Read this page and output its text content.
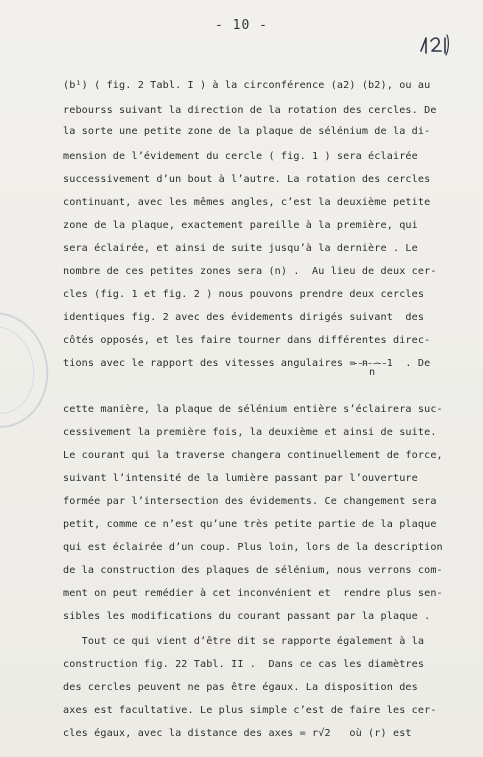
- 10 -
(b¹) ( fig. 2 Tabl. I ) à la circonférence (a2) (b2), ou au
rebourss suivant la direction de la rotation des cercles. De
la sorte une petite zone de la plaque de sélénium de la di-
mension de l’évidement du cercle ( fig. 1 ) sera éclairée
successivement d’un bout à l’autre. La rotation des cercles
continuant, avec les mêmes angles, c’est la deuxième petite
zone de la plaque, exactement pareille à la première, qui
sera éclairée, et ainsi de suite jusqu’à la dernière . Le
nombre de ces petites zones sera (n) .  Au lieu de deux cer-
cles (fig. 1 et fig. 2 ) nous pouvons prendre deux cercles
identiques fig. 2 avec des évidements dirigés suivant  des
côtés opposés, et les faire tourner dans différentes direc-
tions avec le rapport des vitesses angulaires = n - 1  . De
cette manière, la plaque de sélénium entière s’éclairera suc-
cessivement la première fois, la deuxième et ainsi de suite.
Le courant qui la traverse changera continuellement de force,
suivant l’intensité de la lumière passant par l’ouverture
formée par l’intersection des évidements. Ce changement sera
petit, comme ce n’est qu’une très petite partie de la plaque
qui est éclairée d’un coup. Plus loin, lors de la description
de la construction des plaques de sélénium, nous verrons com-
ment on peut remédier à cet inconvénient et  rendre plus sen-
sibles les modifications du courant passant par la plaque .
Tout ce qui vient d’être dit se rapporte également à la
construction fig. 22 Tabl. II .  Dans ce cas les diamètres
des cercles peuvent ne pas être égaux. La disposition des
axes est facultative. Le plus simple c’est de faire les cer-
cles égaux, avec la distance des axes = r√2   où (r) est
n
